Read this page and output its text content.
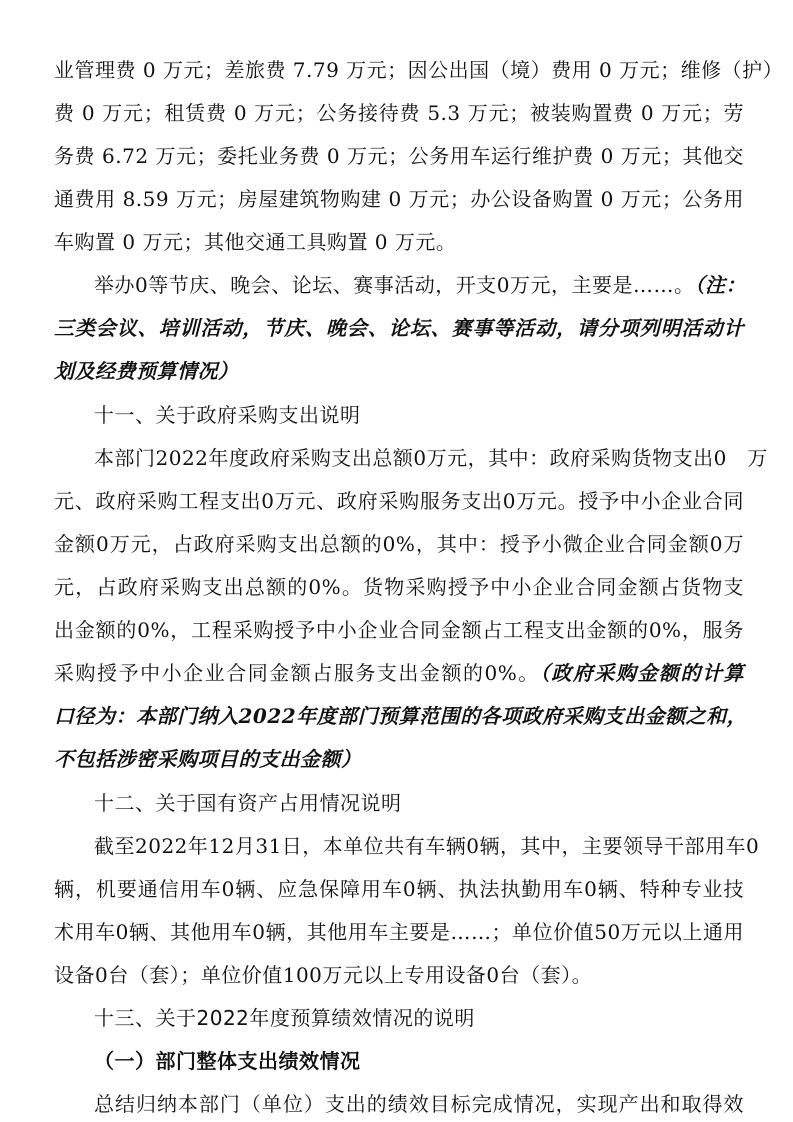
业管理费 0 万元；差旅费 7.79 万元；因公出国（境）费用 0 万元；维修（护）
费 0 万元；租赁费 0 万元；公务接待费 5.3 万元；被装购置费 0 万元；劳
务费 6.72 万元；委托业务费 0 万元；公务用车运行维护费 0 万元；其他交
通费用 8.59 万元；房屋建筑物购建 0 万元；办公设备购置 0 万元；公务用
车购置 0 万元；其他交通工具购置 0 万元。
举办0等节庆、晚会、论坛、赛事活动，开支0万元，主要是……。（注：
三类会议、培训活动，节庆、晚会、论坛、赛事等活动，请分项列明活动计
划及经费预算情况）
十一、关于政府采购支出说明
本部门2022年度政府采购支出总额0万元，其中：政府采购货物支出0　万
元、政府采购工程支出0万元、政府采购服务支出0万元。授予中小企业合同
金额0万元，占政府采购支出总额的0%，其中：授予小微企业合同金额0万
元，占政府采购支出总额的0%。货物采购授予中小企业合同金额占货物支
出金额的0%，工程采购授予中小企业合同金额占工程支出金额的0%，服务
采购授予中小企业合同金额占服务支出金额的0%。（政府采购金额的计算
口径为：本部门纳入2022年度部门预算范围的各项政府采购支出金额之和，
不包括涉密采购项目的支出金额）
十二、关于国有资产占用情况说明
截至2022年12月31日，本单位共有车辆0辆，其中，主要领导干部用车0
辆，机要通信用车0辆、应急保障用车0辆、执法执勤用车0辆、特种专业技
术用车0辆、其他用车0辆，其他用车主要是……；单位价值50万元以上通用
设备0台（套）；单位价值100万元以上专用设备0台（套）。
十三、关于2022年度预算绩效情况的说明
（一）部门整体支出绩效情况
总结归纳本部门（单位）支出的绩效目标完成情况，实现产出和取得效
